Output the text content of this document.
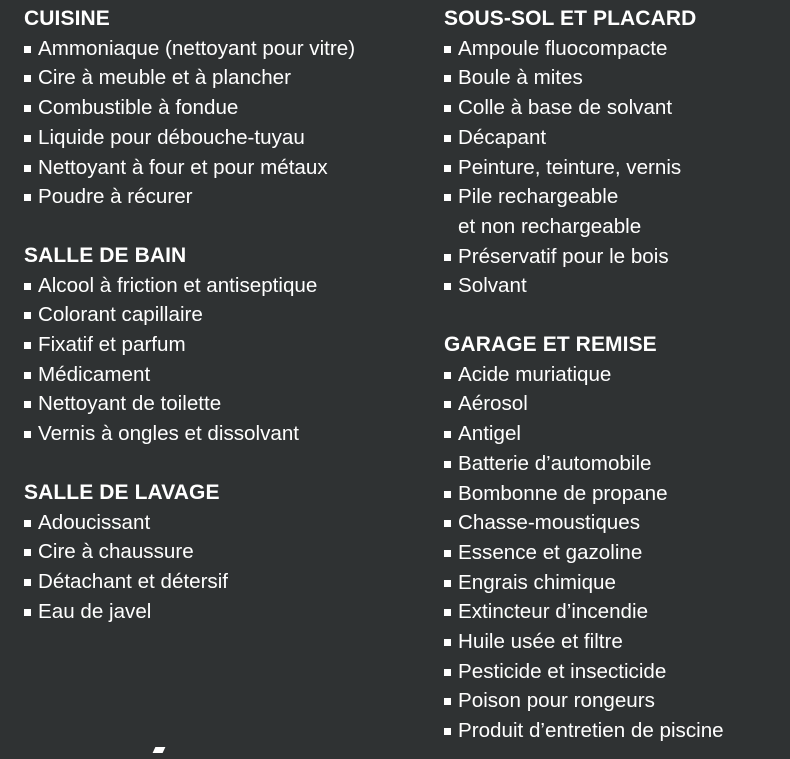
CUISINE
Ammoniaque (nettoyant pour vitre)
Cire à meuble et à plancher
Combustible à fondue
Liquide pour débouche-tuyau
Nettoyant à four et pour métaux
Poudre à récurer
SALLE DE BAIN
Alcool à friction et antiseptique
Colorant capillaire
Fixatif et parfum
Médicament
Nettoyant de toilette
Vernis à ongles et dissolvant
SALLE DE LAVAGE
Adoucissant
Cire à chaussure
Détachant et détersif
Eau de javel
SOUS-SOL ET PLACARD
Ampoule fluocompacte
Boule à mites
Colle à base de solvant
Décapant
Peinture, teinture, vernis
Pile rechargeable
et non rechargeable
Préservatif pour le bois
Solvant
GARAGE ET REMISE
Acide muriatique
Aérosol
Antigel
Batterie d’automobile
Bombonne de propane
Chasse-moustiques
Essence et gazoline
Engrais chimique
Extincteur d’incendie
Huile usée et filtre
Pesticide et insecticide
Poison pour rongeurs
Produit d’entretien de piscine
